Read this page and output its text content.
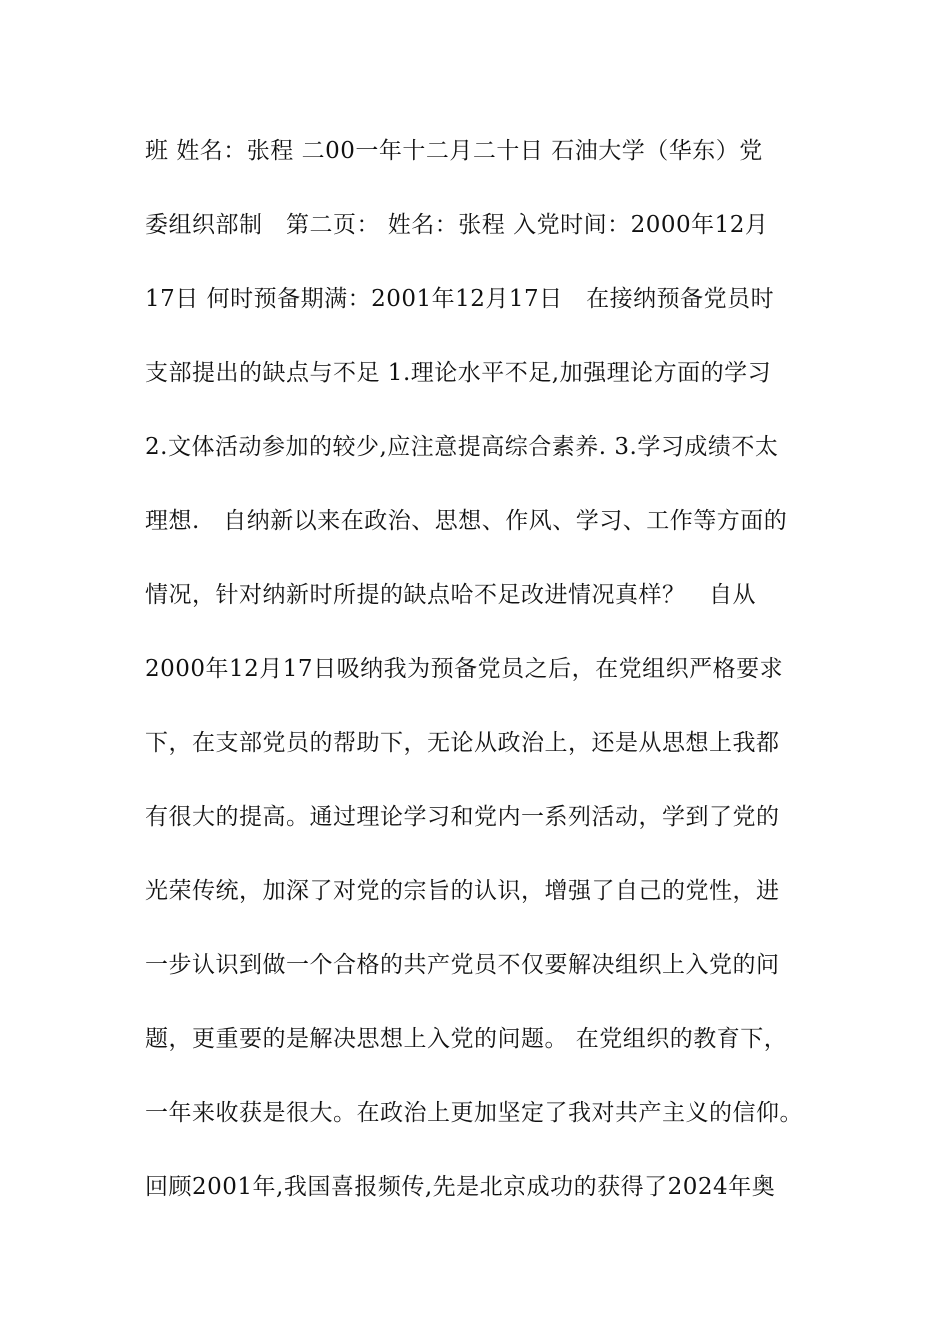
班 姓名：张程 二00一年十二月二十日 石油大学（华东）党
委组织部制　第二页： 姓名：张程 入党时间：2000年12月
17日 何时预备期满：2001年12月17日　在接纳预备党员时
支部提出的缺点与不足 1.理论水平不足,加强理论方面的学习
2.文体活动参加的较少,应注意提高综合素养. 3.学习成绩不太
理想.　自纳新以来在政治、思想、作风、学习、工作等方面的
情况，针对纳新时所提的缺点哈不足改进情况真样？　自从
2000年12月17日吸纳我为预备党员之后，在党组织严格要求
下，在支部党员的帮助下，无论从政治上，还是从思想上我都
有很大的提高。通过理论学习和党内一系列活动，学到了党的
光荣传统，加深了对党的宗旨的认识，增强了自己的党性，进
一步认识到做一个合格的共产党员不仅要解决组织上入党的问
题，更重要的是解决思想上入党的问题。 在党组织的教育下，
一年来收获是很大。在政治上更加坚定了我对共产主义的信仰。
回顾2001年,我国喜报频传,先是北京成功的获得了2024年奥
